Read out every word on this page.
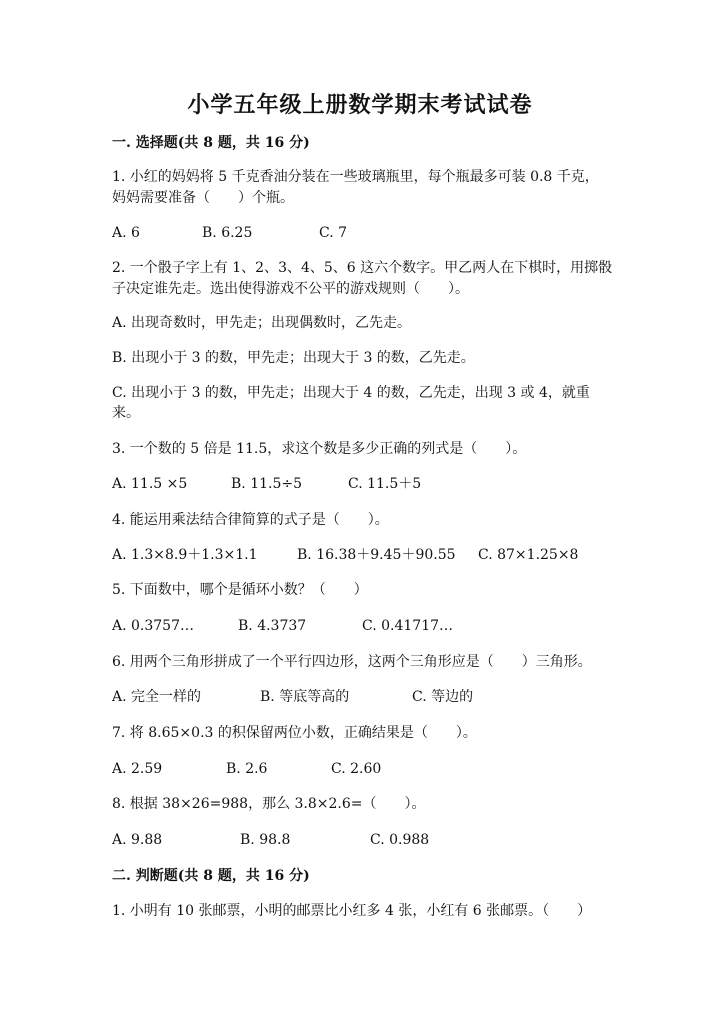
小学五年级上册数学期末考试试卷
一. 选择题(共 8 题，共 16 分)
1. 小红的妈妈将 5 千克香油分装在一些玻璃瓶里，每个瓶最多可装 0.8 千克，
妈妈需要准备（　　）个瓶。
A. 6	B. 6.25	C. 7
2. 一个骰子字上有 1、2、3、4、5、6 这六个数字。甲乙两人在下棋时，用掷骰
子决定谁先走。选出使得游戏不公平的游戏规则（　　）。
A. 出现奇数时，甲先走；出现偶数时，乙先走。
B. 出现小于 3 的数，甲先走；出现大于 3 的数，乙先走。
C. 出现小于 3 的数，甲先走；出现大于 4 的数，乙先走，出现 3 或 4，就重
来。
3. 一个数的 5 倍是 11.5，求这个数是多少正确的列式是（　　）。
A. 11.5 ×5	B. 11.5÷5	C. 11.5＋5
4. 能运用乘法结合律简算的式子是（　　）。
A. 1.3×8.9＋1.3×1.1	B. 16.38＋9.45＋90.55 C. 87×1.25×8
5. 下面数中，哪个是循环小数？（　　）
A. 0.3757…	B. 4.3737	C. 0.41717…
6. 用两个三角形拼成了一个平行四边形，这两个三角形应是（　　）三角形。
A. 完全一样的	B. 等底等高的	C. 等边的
7. 将 8.65×0.3 的积保留两位小数，正确结果是（　　）。
A. 2.59	B. 2.6	C. 2.60
8. 根据 38×26=988，那么 3.8×2.6=（　　）。
A. 9.88	B. 98.8	C. 0.988
二. 判断题(共 8 题，共 16 分)
1. 小明有 10 张邮票，小明的邮票比小红多 4 张，小红有 6 张邮票。（　　）
